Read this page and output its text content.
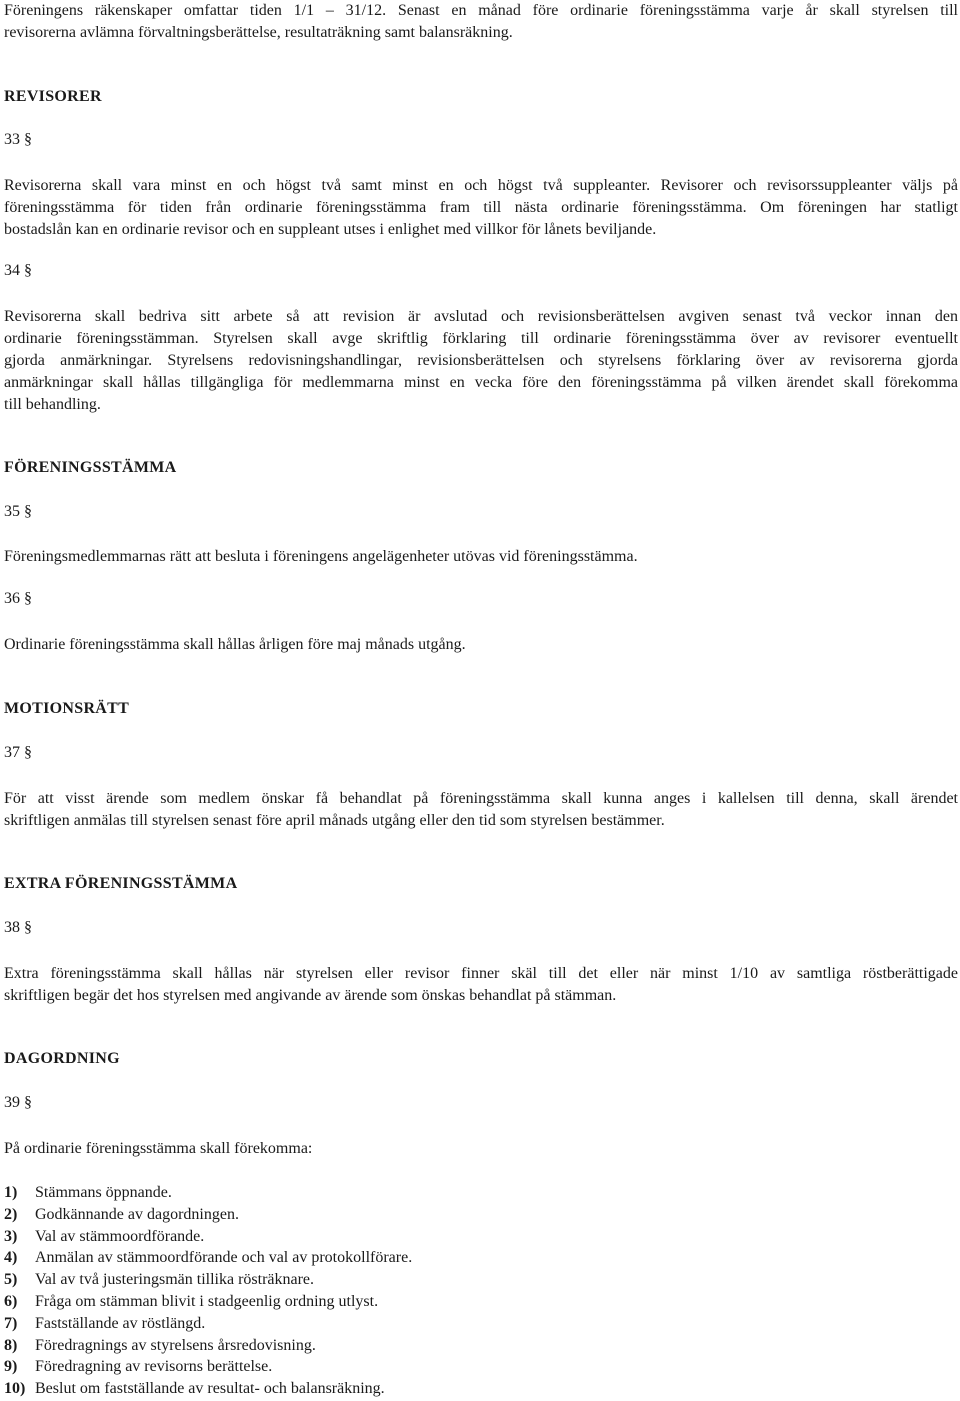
Föreningens räkenskaper omfattar tiden 1/1 – 31/12. Senast en månad före ordinarie föreningsstämma varje år skall styrelsen till

revisorerna avlämna förvaltningsberättelse, resultaträkning samt balansräkning.

REVISORER
33 §

Revisorerna skall vara minst en och högst två samt minst en och högst två suppleanter. Revisorer och revisorssuppleanter väljs på

föreningsstämma för tiden från ordinarie föreningsstämma fram till nästa ordinarie föreningsstämma. Om föreningen har statligt

bostadslån kan en ordinarie revisor och en suppleant utses i enlighet med villkor för lånets beviljande.

34 §

Revisorerna skall bedriva sitt arbete så att revision är avslutad och revisionsberättelsen avgiven senast två veckor innan den

ordinarie föreningsstämman. Styrelsen skall avge skriftlig förklaring till ordinarie föreningsstämma över av revisorer eventuellt

gjorda anmärkningar. Styrelsens redovisningshandlingar, revisionsberättelsen och styrelsens förklaring över av revisorerna gjorda

anmärkningar skall hållas tillgängliga för medlemmarna minst en vecka före den föreningsstämma på vilken ärendet skall förekomma

till behandling.

FÖRENINGSSTÄMMA
35 §

Föreningsmedlemmarnas rätt att besluta i föreningens angelägenheter utövas vid föreningsstämma.

36 §

Ordinarie föreningsstämma skall hållas årligen före maj månads utgång.

MOTIONSRÄTT
37 §

För att visst ärende som medlem önskar få behandlat på föreningsstämma skall kunna anges i kallelsen till denna, skall ärendet

skriftligen anmälas till styrelsen senast före april månads utgång eller den tid som styrelsen bestämmer.

EXTRA FÖRENINGSSTÄMMA
38 §

Extra föreningsstämma skall hållas när styrelsen eller revisor finner skäl till det eller när minst 1/10 av samtliga röstberättigade

skriftligen begär det hos styrelsen med angivande av ärende som önskas behandlat på stämman.

DAGORDNING
39 §

På ordinarie föreningsstämma skall förekomma:

1) Stämmans öppnande.
2) Godkännande av dagordningen.
3) Val av stämmoordförande.
4) Anmälan av stämmoordförande och val av protokollförare.
5) Val av två justeringsmän tillika rösträknare.
6) Fråga om stämman blivit i stadgeenlig ordning utlyst.
7) Fastställande av röstlängd.
8) Föredragnings av styrelsens årsredovisning.
9) Föredragning av revisorns berättelse.
10) Beslut om fastställande av resultat- och balansräkning.
